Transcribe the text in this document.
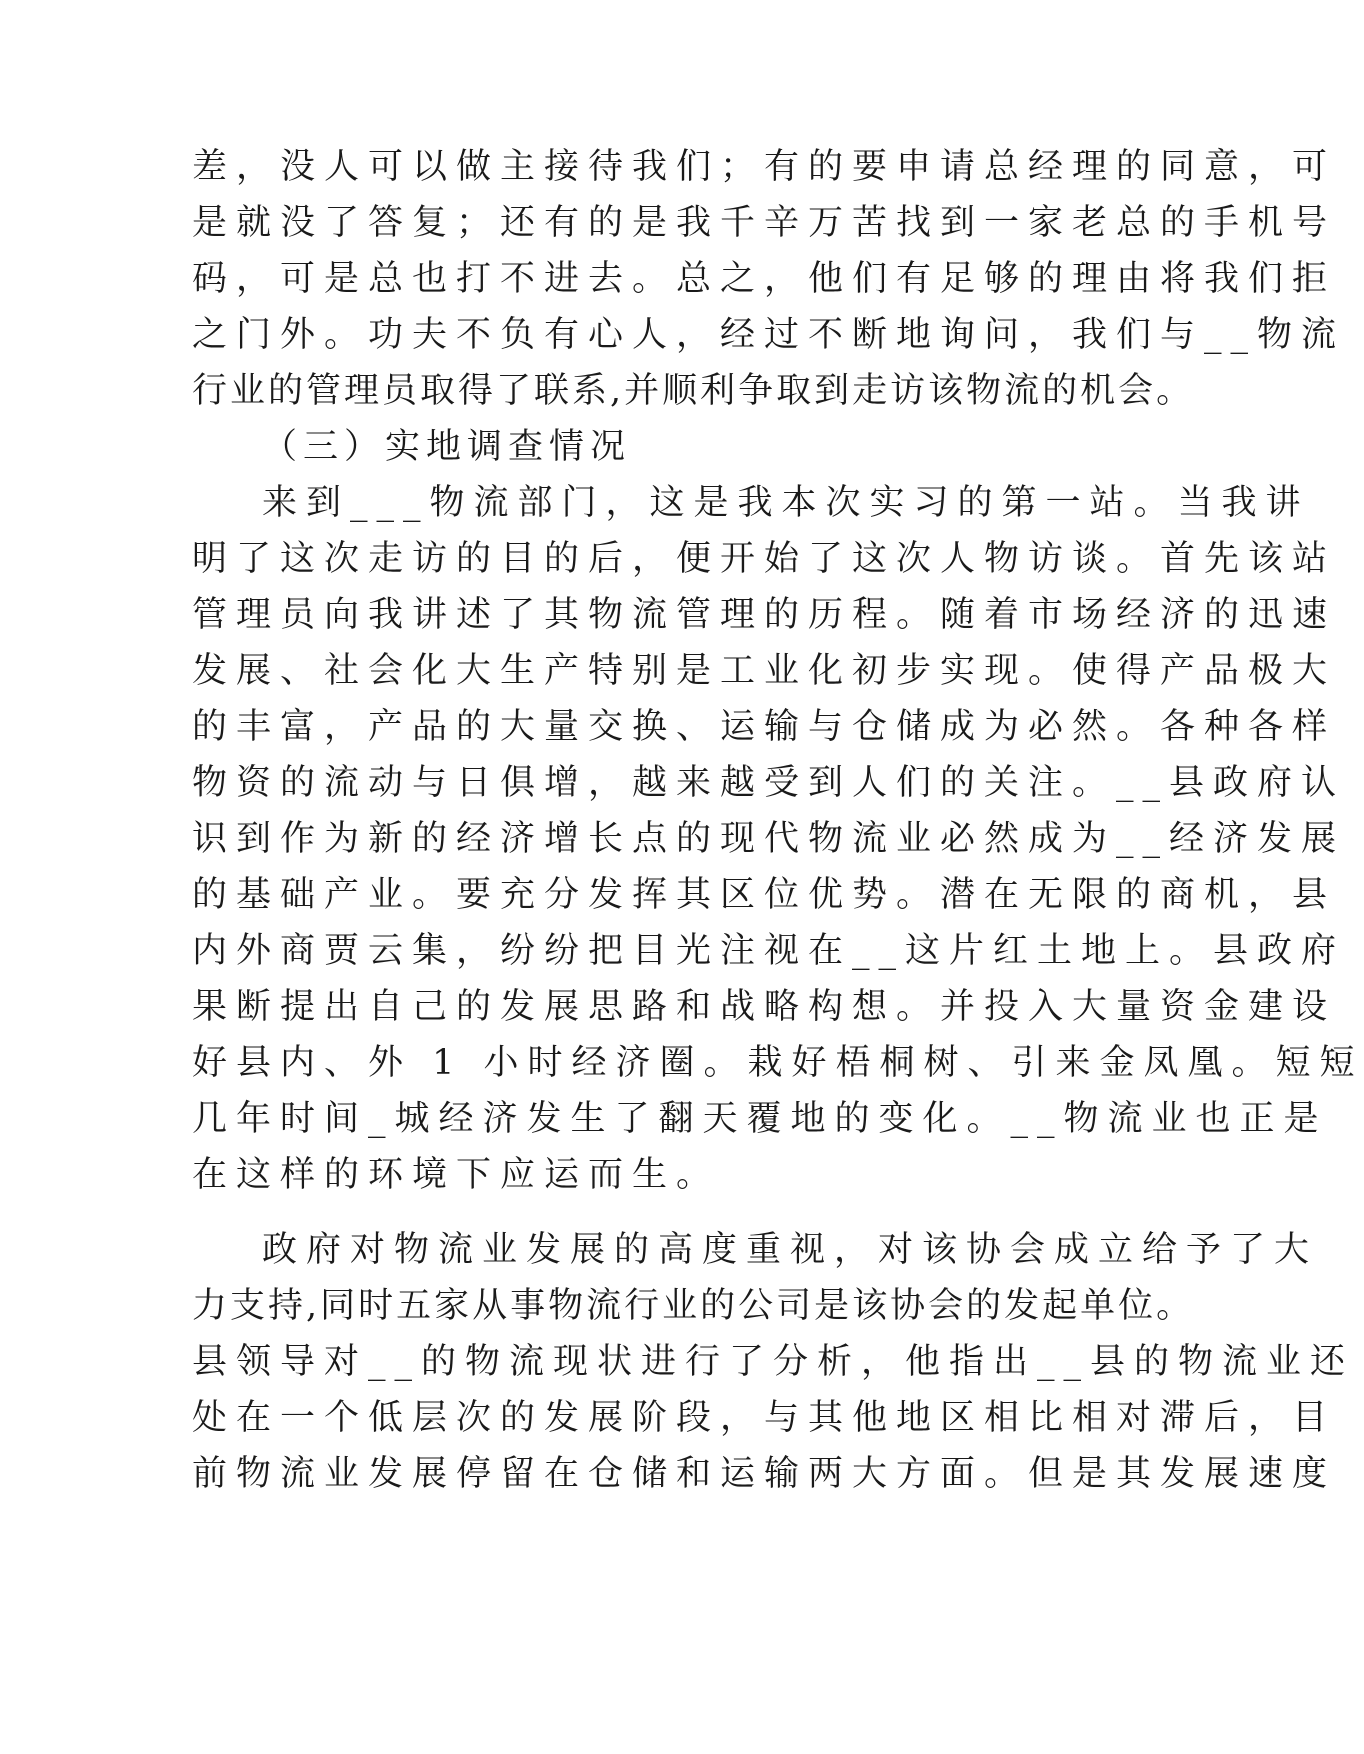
差，没人可以做主接待我们；有的要申请总经理的同意，可
是就没了答复；还有的是我千辛万苦找到一家老总的手机号
码，可是总也打不进去。总之，他们有足够的理由将我们拒
之门外。功夫不负有心人，经过不断地询问，我们与__物流
行业的管理员取得了联系,并顺利争取到走访该物流的机会。
（三）实地调查情况
来到___物流部门，这是我本次实习的第一站。当我讲
明了这次走访的目的后，便开始了这次人物访谈。首先该站
管理员向我讲述了其物流管理的历程。随着市场经济的迅速
发展、社会化大生产特别是工业化初步实现。使得产品极大
的丰富，产品的大量交换、运输与仓储成为必然。各种各样
物资的流动与日俱增，越来越受到人们的关注。__县政府认
识到作为新的经济增长点的现代物流业必然成为__经济发展
的基础产业。要充分发挥其区位优势。潜在无限的商机，县
内外商贾云集，纷纷把目光注视在__这片红土地上。县政府
果断提出自己的发展思路和战略构想。并投入大量资金建设
好县内、外 1 小时经济圈。栽好梧桐树、引来金凤凰。短短
几年时间_城经济发生了翻天覆地的变化。__物流业也正是
在这样的环境下应运而生。
政府对物流业发展的高度重视，对该协会成立给予了大
力支持,同时五家从事物流行业的公司是该协会的发起单位。
县领导对__的物流现状进行了分析，他指出__县的物流业还
处在一个低层次的发展阶段，与其他地区相比相对滞后，目
前物流业发展停留在仓储和运输两大方面。但是其发展速度
